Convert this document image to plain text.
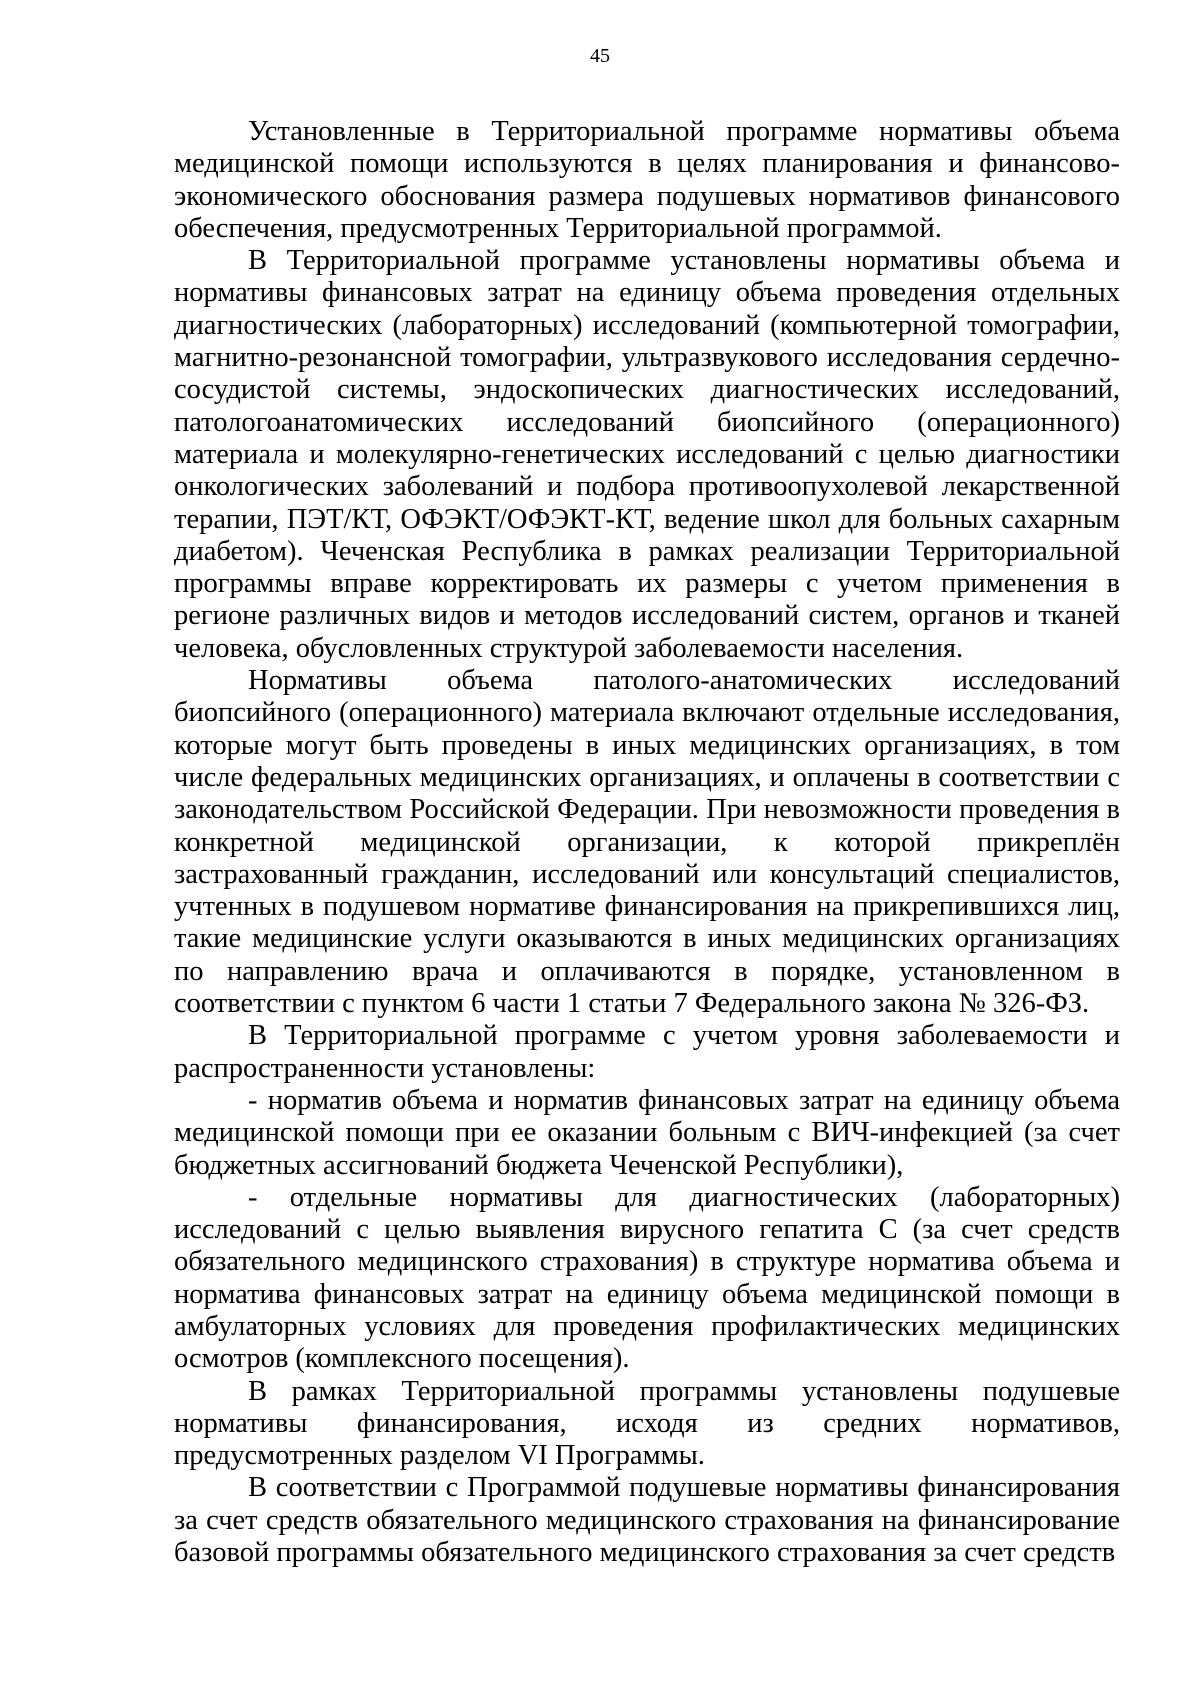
45

Установленные в Территориальной программе нормативы объема медицинской помощи используются в целях планирования и финансово-экономического обоснования размера подушевых нормативов финансового обеспечения, предусмотренных Территориальной программой.

В Территориальной программе установлены нормативы объема и нормативы финансовых затрат на единицу объема проведения отдельных диагностических (лабораторных) исследований (компьютерной томографии, магнитно-резонансной томографии, ультразвукового исследования сердечно-сосудистой системы, эндоскопических диагностических исследований, патологоанатомических исследований биопсийного (операционного) материала и молекулярно-генетических исследований с целью диагностики онкологических заболеваний и подбора противоопухолевой лекарственной терапии, ПЭТ/КТ, ОФЭКТ/ОФЭКТ-КТ, ведение школ для больных сахарным диабетом). Чеченская Республика в рамках реализации Территориальной программы вправе корректировать их размеры с учетом применения в регионе различных видов и методов исследований систем, органов и тканей человека, обусловленных структурой заболеваемости населения.

Нормативы объема патолого-анатомических исследований биопсийного (операционного) материала включают отдельные исследования, которые могут быть проведены в иных медицинских организациях, в том числе федеральных медицинских организациях, и оплачены в соответствии с законодательством Российской Федерации. При невозможности проведения в конкретной медицинской организации, к которой прикреплён застрахованный гражданин, исследований или консультаций специалистов, учтенных в подушевом нормативе финансирования на прикрепившихся лиц, такие медицинские услуги оказываются в иных медицинских организациях по направлению врача и оплачиваются в порядке, установленном в соответствии с пунктом 6 части 1 статьи 7 Федерального закона № 326-ФЗ.

В Территориальной программе с учетом уровня заболеваемости и распространенности установлены:

- норматив объема и норматив финансовых затрат на единицу объема медицинской помощи при ее оказании больным с ВИЧ-инфекцией (за счет бюджетных ассигнований бюджета Чеченской Республики),

- отдельные нормативы для диагностических (лабораторных) исследований с целью выявления вирусного гепатита С (за счет средств обязательного медицинского страхования) в структуре норматива объема и норматива финансовых затрат на единицу объема медицинской помощи в амбулаторных условиях для проведения профилактических медицинских осмотров (комплексного посещения).

В рамках Территориальной программы установлены подушевые нормативы финансирования, исходя из средних нормативов, предусмотренных разделом VI Программы.

В соответствии с Программой подушевые нормативы финансирования за счет средств обязательного медицинского страхования на финансирование базовой программы обязательного медицинского страхования за счет средств
